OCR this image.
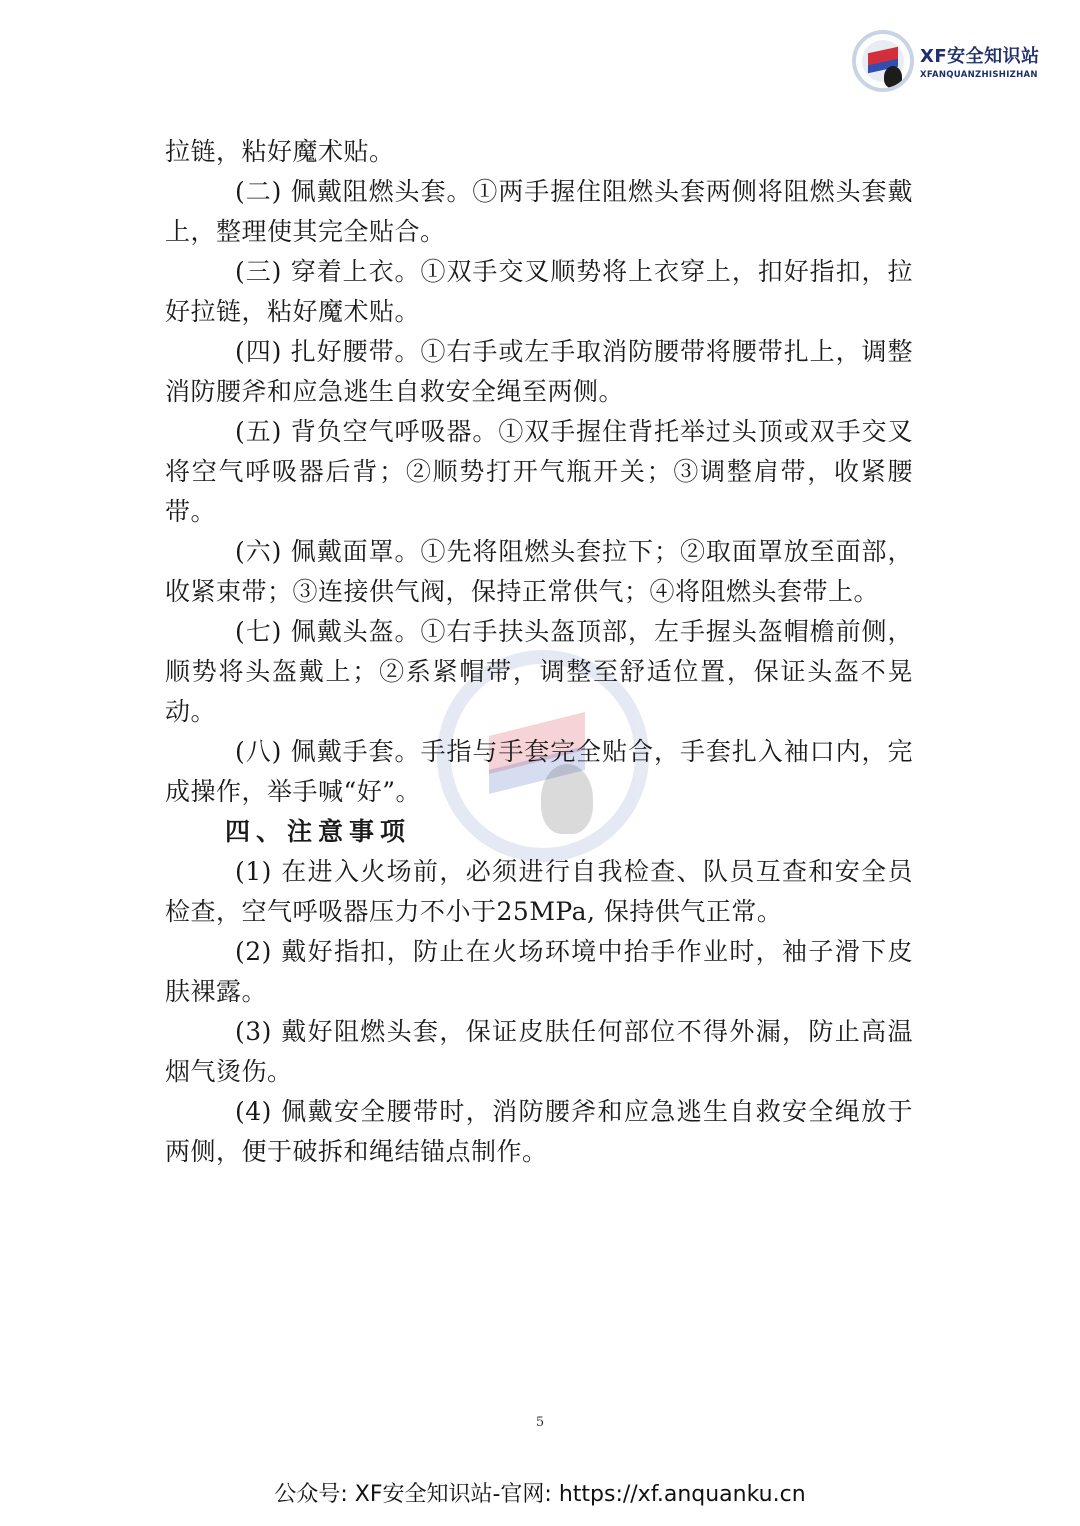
XF安全知识站
XFANQUANZHISHIZHAN

拉链，粘好魔术贴。

(二) 佩戴阻燃头套。①两手握住阻燃头套两侧将阻燃头套戴上，整理使其完全贴合。

(三) 穿着上衣。①双手交叉顺势将上衣穿上，扣好指扣，拉好拉链，粘好魔术贴。

(四) 扎好腰带。①右手或左手取消防腰带将腰带扎上，调整消防腰斧和应急逃生自救安全绳至两侧。

(五) 背负空气呼吸器。①双手握住背托举过头顶或双手交叉将空气呼吸器后背；②顺势打开气瓶开关；③调整肩带，收紧腰带。

(六) 佩戴面罩。①先将阻燃头套拉下；②取面罩放至面部，收紧束带；③连接供气阀，保持正常供气；④将阻燃头套带上。

(七) 佩戴头盔。①右手扶头盔顶部，左手握头盔帽檐前侧，顺势将头盔戴上；②系紧帽带，调整至舒适位置，保证头盔不晃动。

(八) 佩戴手套。手指与手套完全贴合，手套扎入袖口内，完成操作，举手喊“好”。

四、注意事项

(1) 在进入火场前，必须进行自我检查、队员互查和安全员检查，空气呼吸器压力不小于25MPa, 保持供气正常。

(2) 戴好指扣，防止在火场环境中抬手作业时，袖子滑下皮肤裸露。

(3) 戴好阻燃头套，保证皮肤任何部位不得外漏，防止高温烟气烫伤。

(4) 佩戴安全腰带时，消防腰斧和应急逃生自救安全绳放于两侧，便于破拆和绳结锚点制作。

5
公众号: XF安全知识站-官网: https://xf.anquanku.cn
